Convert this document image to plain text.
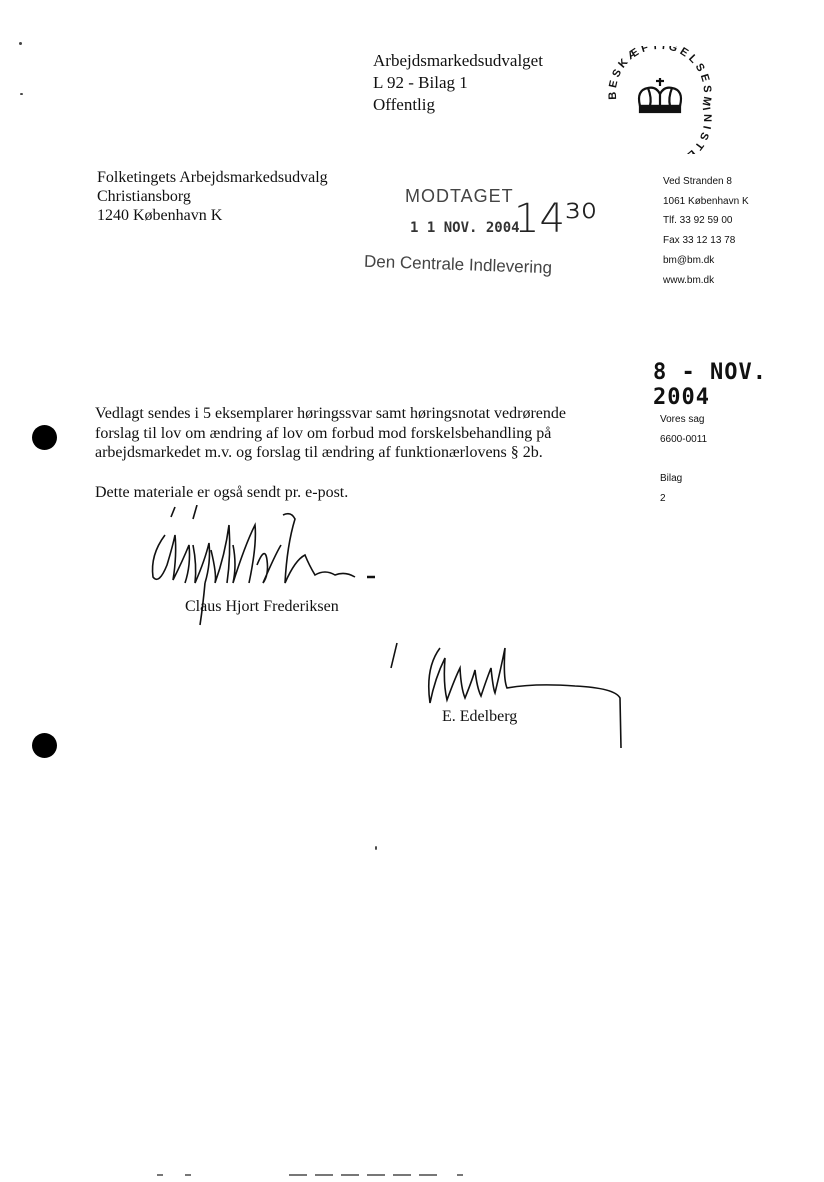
Arbejdsmarkedsudvalget
L 92 - Bilag 1
Offentlig
BESKÆFTIGELSESMINIST
Folketingets Arbejdsmarkedsudvalg
Christiansborg
1240 København K
MODTAGET
1 1 NOV. 2004
14³⁰
Den Centrale Indlevering
Ved Stranden 8
1061 København K
Tlf. 33 92 59 00
Fax 33 12 13 78
bm@bm.dk
www.bm.dk
8 - NOV. 2004
Vores sag
6600-0011
Bilag
2

Vedlagt sendes i 5 eksemplarer høringssvar samt høringsnotat vedrørende forslag til lov om ændring af lov om forbud mod forskelsbehandling på arbejdsmarkedet m.v. og forslag til ændring af funktionærlovens § 2b.

Dette materiale er også sendt pr. e-post.

Claus Hjort Frederiksen
E. Edelberg
